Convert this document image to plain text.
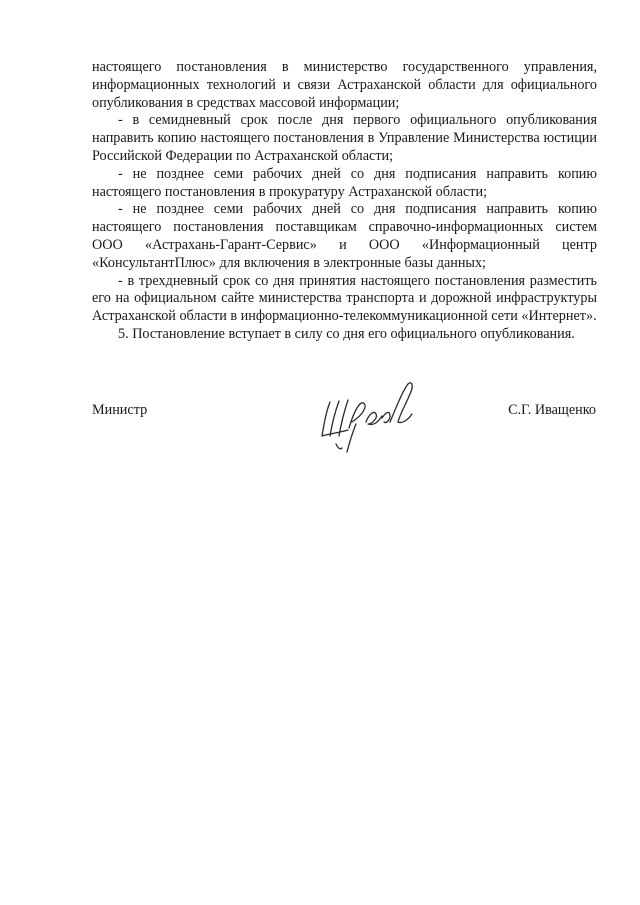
настоящего постановления в министерство государственного управления, информационных технологий и связи Астраханской области для официального опубликования в средствах массовой информации;

- в семидневный срок после дня первого официального опубликования направить копию настоящего постановления в Управление Министерства юстиции Российской Федерации по Астраханской области;

- не позднее семи рабочих дней со дня подписания направить копию настоящего постановления в прокуратуру Астраханской области;

- не позднее семи рабочих дней со дня подписания направить копию настоящего постановления поставщикам справочно-информационных систем ООО «Астрахань-Гарант-Сервис» и ООО «Информационный центр «КонсультантПлюс» для включения в электронные базы данных;

- в трехдневный срок со дня принятия настоящего постановления разместить его на официальном сайте министерства транспорта и дорожной инфраструктуры Астраханской области в информационно-телекоммуникационной сети «Интернет».

5. Постановление вступает в силу со дня его официального опубликования.

Министр	С.Г. Иващенко
